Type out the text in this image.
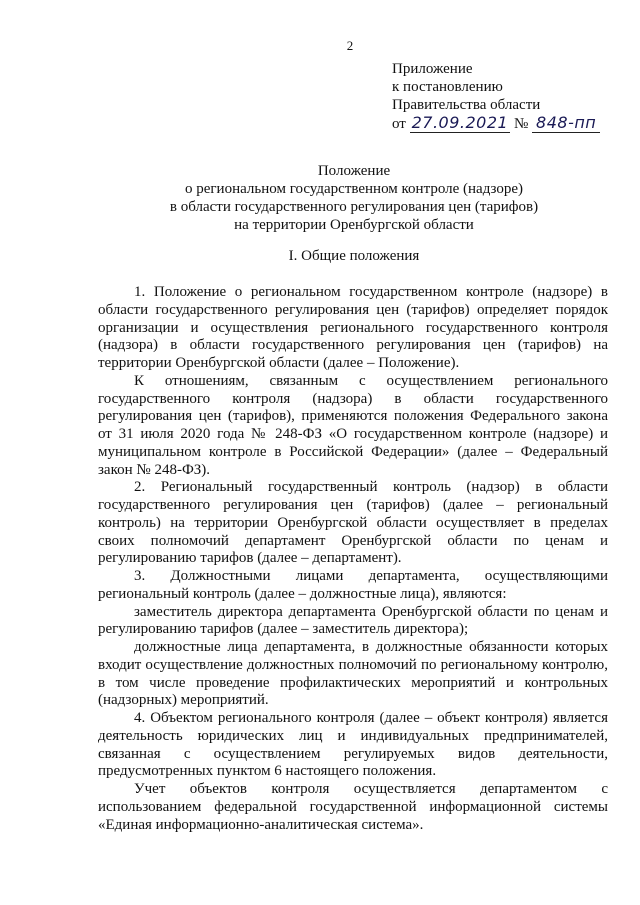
2
Приложение
к постановлению
Правительства области
от 27.09.2021 № 848-пп
Положение
о региональном государственном контроле (надзоре)
в области государственного регулирования цен (тарифов)
на территории Оренбургской области
I. Общие положения

1. Положение о региональном государственном контроле (надзоре) в области государственного регулирования цен (тарифов) определяет порядок организации и осуществления регионального государственного контроля (надзора) в области государственного регулирования цен (тарифов) на территории Оренбургской области (далее – Положение).

К отношениям, связанным с осуществлением регионального государственного контроля (надзора) в области государственного регулирования цен (тарифов), применяются положения Федерального закона от 31 июля 2020 года № 248-ФЗ «О государственном контроле (надзоре) и муниципальном контроле в Российской Федерации» (далее – Федеральный закон № 248-ФЗ).

2. Региональный государственный контроль (надзор) в области государственного регулирования цен (тарифов) (далее – региональный контроль) на территории Оренбургской области осуществляет в пределах своих полномочий департамент Оренбургской области по ценам и регулированию тарифов (далее – департамент).

3. Должностными лицами департамента, осуществляющими региональный контроль (далее – должностные лица), являются:

заместитель директора департамента Оренбургской области по ценам и регулированию тарифов (далее – заместитель директора);

должностные лица департамента, в должностные обязанности которых входит осуществление должностных полномочий по региональному контролю, в том числе проведение профилактических мероприятий и контрольных (надзорных) мероприятий.

4. Объектом регионального контроля (далее – объект контроля) является деятельность юридических лиц и индивидуальных предпринимателей, связанная с осуществлением регулируемых видов деятельности, предусмотренных пунктом 6 настоящего положения.

Учет объектов контроля осуществляется департаментом с использованием федеральной государственной информационной системы «Единая информационно-аналитическая система».
